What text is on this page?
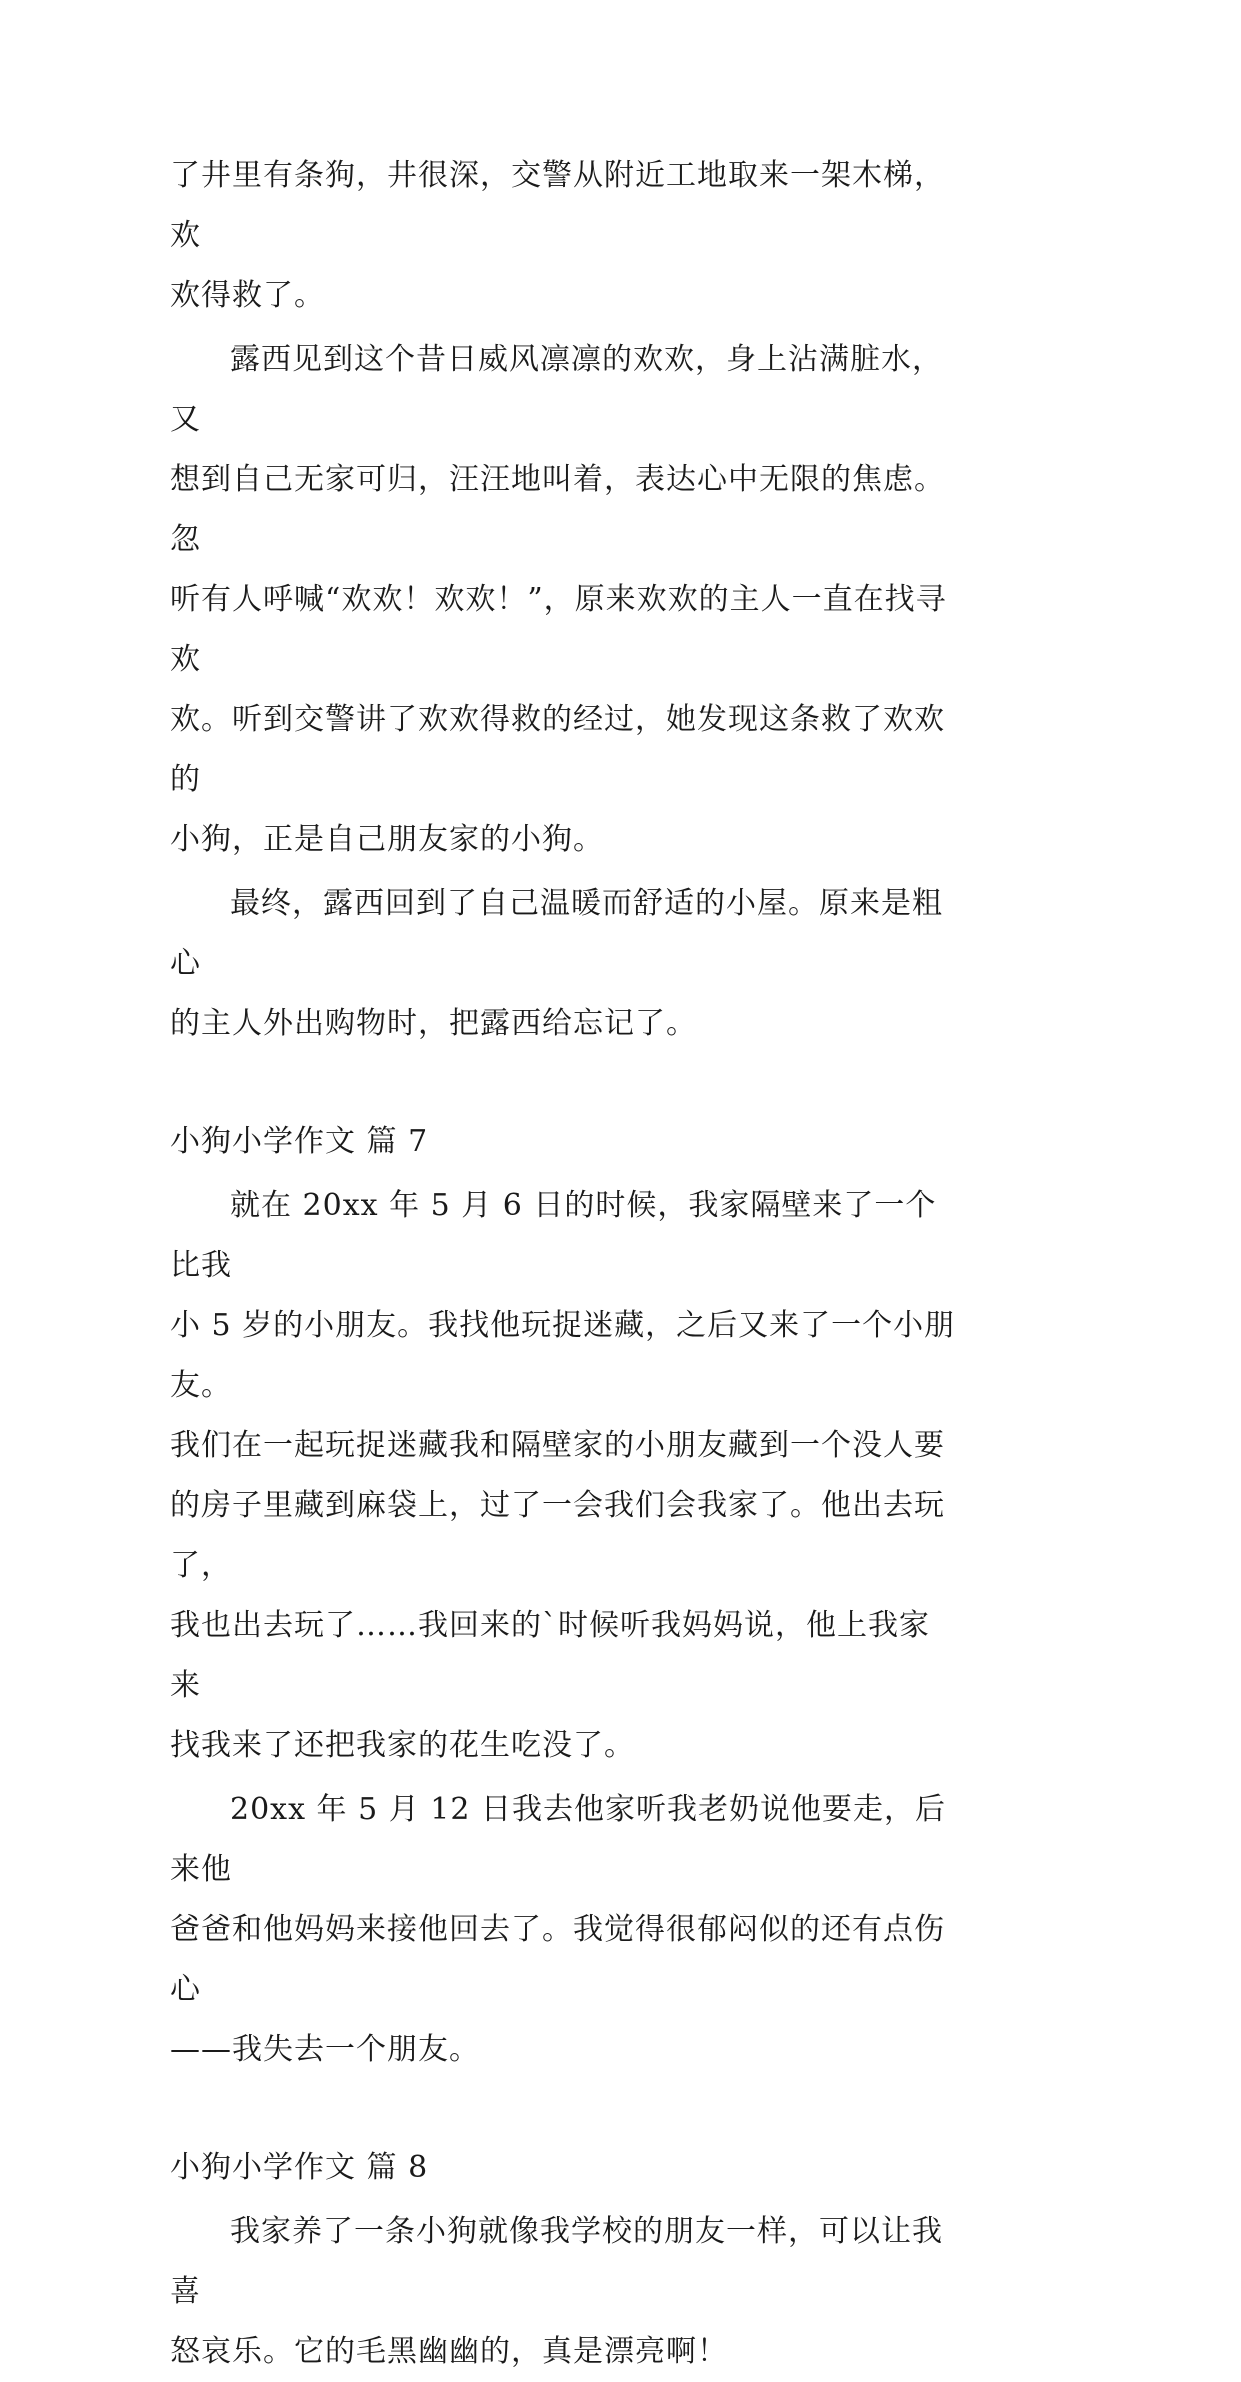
了井里有条狗，井很深，交警从附近工地取来一架木梯，欢
欢得救了。

露西见到这个昔日威风凛凛的欢欢，身上沾满脏水，又
想到自己无家可归，汪汪地叫着，表达心中无限的焦虑。忽
听有人呼喊“欢欢！欢欢！”，原来欢欢的主人一直在找寻欢
欢。听到交警讲了欢欢得救的经过，她发现这条救了欢欢的
小狗，正是自己朋友家的小狗。

最终，露西回到了自己温暖而舒适的小屋。原来是粗心
的主人外出购物时，把露西给忘记了。

小狗小学作文 篇 7

就在 20xx 年 5 月 6 日的时候，我家隔壁来了一个比我
小 5 岁的小朋友。我找他玩捉迷藏，之后又来了一个小朋友。
我们在一起玩捉迷藏我和隔壁家的小朋友藏到一个没人要
的房子里藏到麻袋上，过了一会我们会我家了。他出去玩了，
我也出去玩了……我回来的`时候听我妈妈说，他上我家来
找我来了还把我家的花生吃没了。

20xx 年 5 月 12 日我去他家听我老奶说他要走，后来他
爸爸和他妈妈来接他回去了。我觉得很郁闷似的还有点伤心
——我失去一个朋友。

小狗小学作文 篇 8

我家养了一条小狗就像我学校的朋友一样，可以让我喜
怒哀乐。它的毛黑幽幽的，真是漂亮啊！
